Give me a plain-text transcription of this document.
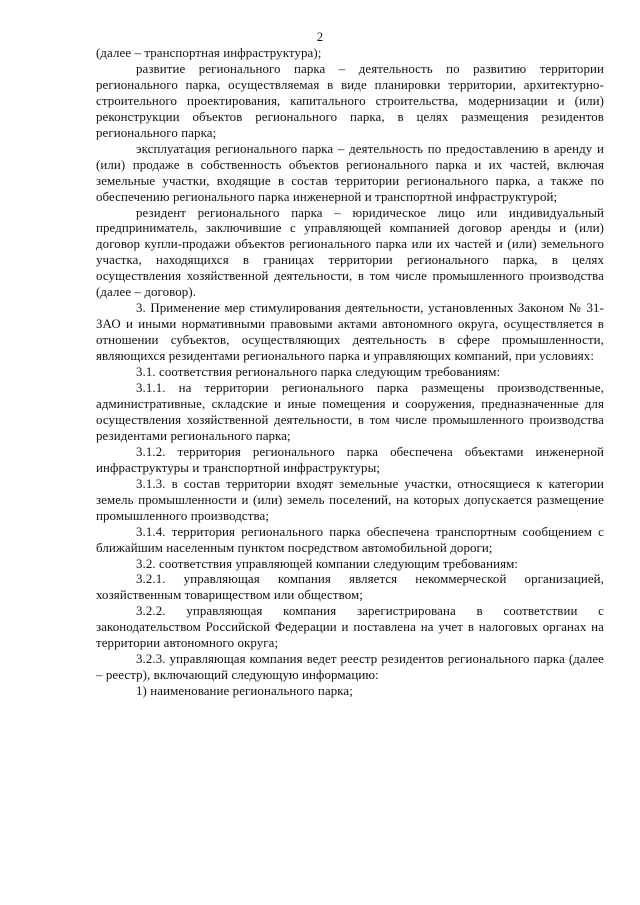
2

(далее – транспортная инфраструктура);

развитие регионального парка – деятельность по развитию территории регионального парка, осуществляемая в виде планировки территории, архитектурно-строительного проектирования, капитального строительства, модернизации и (или) реконструкции объектов регионального парка, в целях размещения резидентов регионального парка;

эксплуатация регионального парка – деятельность по предоставлению в аренду и (или) продаже в собственность объектов регионального парка и их частей, включая земельные участки, входящие в состав территории регионального парка, а также по обеспечению регионального парка инженерной и транспортной инфраструктурой;

резидент регионального парка – юридическое лицо или индивидуальный предприниматель, заключившие с управляющей компанией договор аренды и (или) договор купли-продажи объектов регионального парка или их частей и (или) земельного участка, находящихся в границах территории регионального парка, в целях осуществления хозяйственной деятельности, в том числе промышленного производства (далее – договор).

3. Применение мер стимулирования деятельности, установленных Законом № 31-ЗАО и иными нормативными правовыми актами автономного округа, осуществляется в отношении субъектов, осуществляющих деятельность в сфере промышленности, являющихся резидентами регионального парка и управляющих компаний, при условиях:

3.1. соответствия регионального парка следующим требованиям:

3.1.1. на территории регионального парка размещены производственные, административные, складские и иные помещения и сооружения, предназначенные для осуществления хозяйственной деятельности, в том числе промышленного производства резидентами регионального парка;

3.1.2. территория регионального парка обеспечена объектами инженерной инфраструктуры и транспортной инфраструктуры;

3.1.3. в состав территории входят земельные участки, относящиеся к категории земель промышленности и (или) земель поселений, на которых допускается размещение промышленного производства;

3.1.4. территория регионального парка обеспечена транспортным сообщением с ближайшим населенным пунктом посредством автомобильной дороги;

3.2. соответствия управляющей компании следующим требованиям:

3.2.1. управляющая компания является некоммерческой организацией, хозяйственным товариществом или обществом;

3.2.2. управляющая компания зарегистрирована в соответствии с законодательством Российской Федерации и поставлена на учет в налоговых органах на территории автономного округа;

3.2.3. управляющая компания ведет реестр резидентов регионального парка (далее – реестр), включающий следующую информацию:

1) наименование регионального парка;
